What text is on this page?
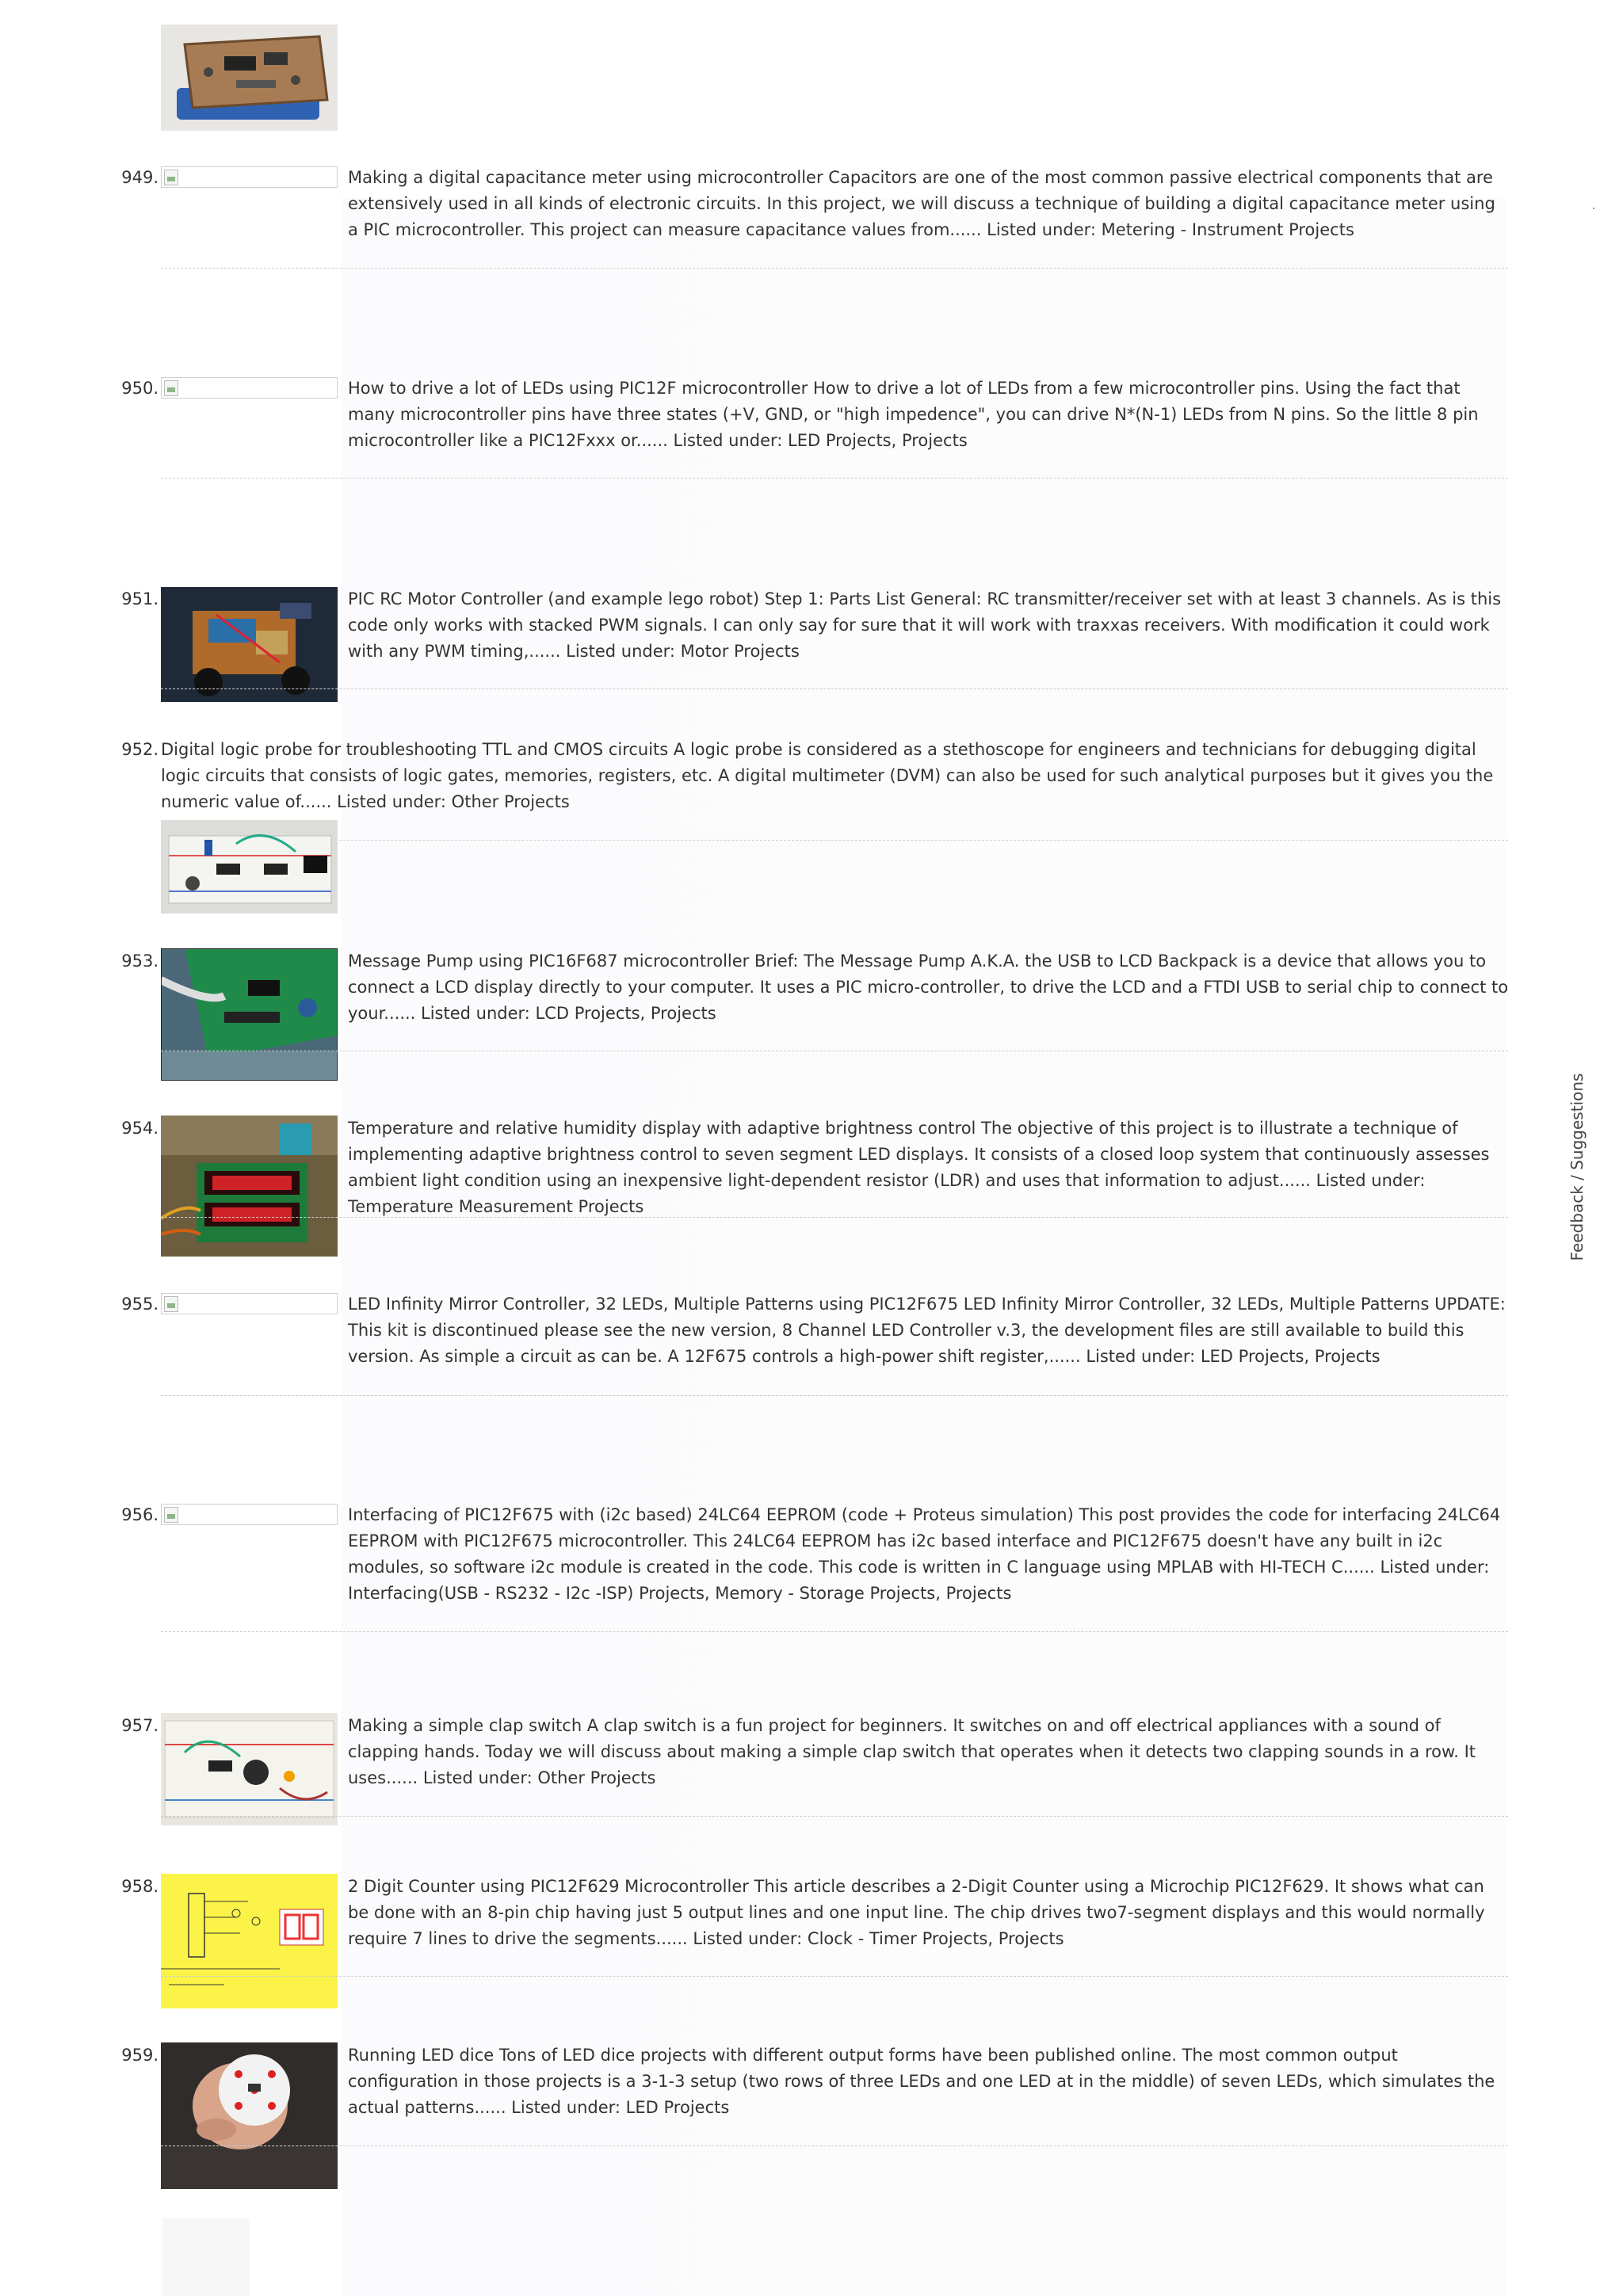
949.	Making a digital capacitance meter using microcontroller Capacitors are one of the most common passive electrical components that are extensively used in all kinds of electronic circuits. In this project, we will discuss a technique of building a digital capacitance meter using a PIC microcontroller. This project can measure capacitance values from...... Listed under: Metering - Instrument Projects
950.	How to drive a lot of LEDs using PIC12F microcontroller How to drive a lot of LEDs from a few microcontroller pins. Using the fact that many microcontroller pins have three states (+V, GND, or "high impedence", you can drive N*(N-1) LEDs from N pins. So the little 8 pin microcontroller like a PIC12Fxxx or...... Listed under: LED Projects, Projects
951.	PIC RC Motor Controller (and example lego robot) Step 1: Parts List General: RC transmitter/receiver set with at least 3 channels. As is this code only works with stacked PWM signals. I can only say for sure that it will work with traxxas receivers. With modification it could work with any PWM timing,...... Listed under: Motor Projects
952. Digital logic probe for troubleshooting TTL and CMOS circuits A logic probe is considered as a stethoscope for engineers and technicians for debugging digital logic circuits that consists of logic gates, memories, registers, etc. A digital multimeter (DVM) can also be used for such analytical purposes but it gives you the numeric value of...... Listed under: Other Projects
953.	Message Pump using PIC16F687 microcontroller Brief: The Message Pump A.K.A. the USB to LCD Backpack is a device that allows you to connect a LCD display directly to your computer. It uses a PIC micro-controller, to drive the LCD and a FTDI USB to serial chip to connect to your...... Listed under: LCD Projects, Projects
954.	Temperature and relative humidity display with adaptive brightness control The objective of this project is to illustrate a technique of implementing adaptive brightness control to seven segment LED displays. It consists of a closed loop system that continuously assesses ambient light condition using an inexpensive light-dependent resistor (LDR) and uses that information to adjust...... Listed under: Temperature Measurement Projects
955.	LED Infinity Mirror Controller, 32 LEDs, Multiple Patterns using PIC12F675 LED Infinity Mirror Controller, 32 LEDs, Multiple Patterns UPDATE: This kit is discontinued please see the new version, 8 Channel LED Controller v.3, the development files are still available to build this version. As simple a circuit as can be. A 12F675 controls a high-power shift register,...... Listed under: LED Projects, Projects
956.	Interfacing of PIC12F675 with (i2c based) 24LC64 EEPROM (code + Proteus simulation) This post provides the code for interfacing 24LC64 EEPROM with PIC12F675 microcontroller. This 24LC64 EEPROM has i2c based interface and PIC12F675 doesn't have any built in i2c modules, so software i2c module is created in the code. This code is written in C language using MPLAB with HI-TECH C...... Listed under: Interfacing(USB - RS232 - I2c -ISP) Projects, Memory - Storage Projects, Projects
957.	Making a simple clap switch A clap switch is a fun project for beginners. It switches on and off electrical appliances with a sound of clapping hands. Today we will discuss about making a simple clap switch that operates when it detects two clapping sounds in a row. It uses...... Listed under: Other Projects
958.	2 Digit Counter using PIC12F629 Microcontroller This article describes a 2-Digit Counter using a Microchip PIC12F629. It shows what can be done with an 8-pin chip having just 5 output lines and one input line. The chip drives two7-segment displays and this would normally require 7 lines to drive the segments...... Listed under: Clock - Timer Projects, Projects
959.	Running LED dice Tons of LED dice projects with different output forms have been published online. The most common output configuration in those projects is a 3-1-3 setup (two rows of three LEDs and one LED at in the middle) of seven LEDs, which simulates the actual patterns...... Listed under: LED Projects
Feedback / Suggestions
